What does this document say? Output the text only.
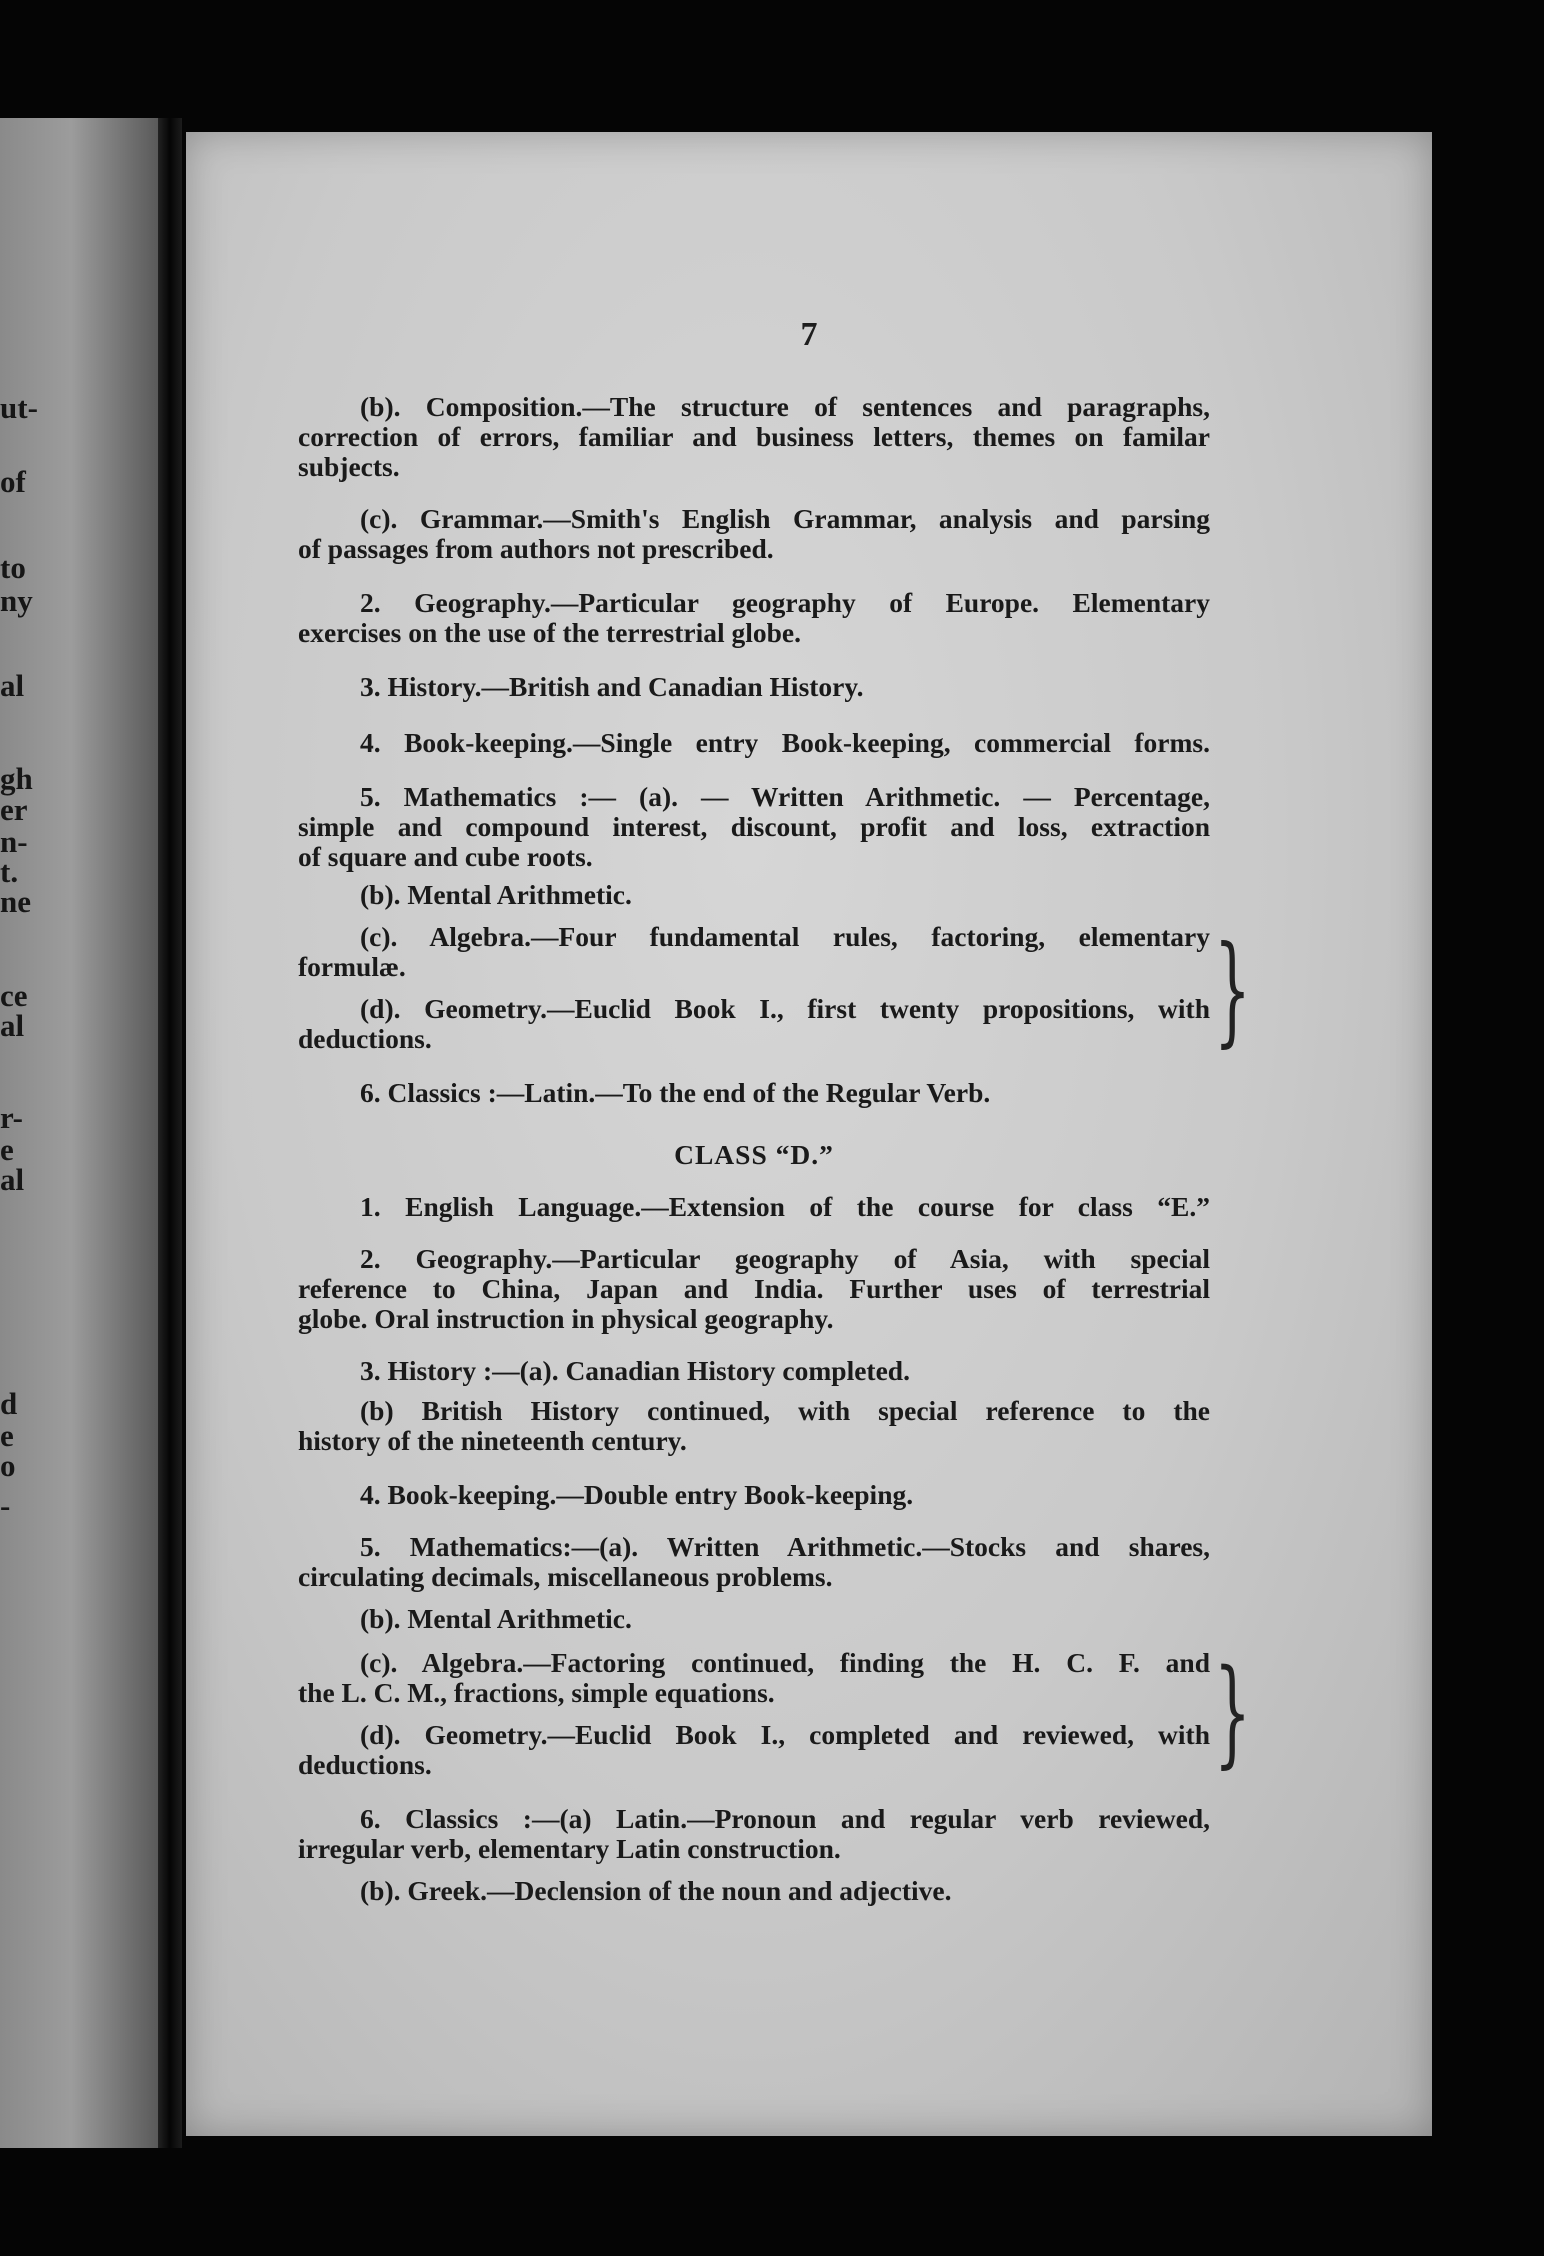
ut-
of
to
ny
al
gh
er
n-
t.
ne
ce
al
r-
e
al
d
e
o
-
7
(b). Composition.—The structure of sentences and paragraphs,
correction of errors, familiar and business letters, themes on familar
subjects.
(c). Grammar.—Smith's English Grammar, analysis and parsing
of passages from authors not prescribed.
2. Geography.—Particular geography of Europe. Elementary
exercises on the use of the terrestrial globe.
3. History.—British and Canadian History.
4. Book-keeping.—Single entry Book-keeping, commercial forms.
5. Mathematics :— (a). — Written Arithmetic. — Percentage,
simple and compound interest, discount, profit and loss, extraction
of square and cube roots.
(b). Mental Arithmetic.
(c). Algebra.—Four fundamental rules, factoring, elementary
formulæ.
(d). Geometry.—Euclid Book I., first twenty propositions, with
deductions.	}
6. Classics :—Latin.—To the end of the Regular Verb.
CLASS “D.”
1. English Language.—Extension of the course for class “E.”
2. Geography.—Particular geography of Asia, with special
reference to China, Japan and India. Further uses of terrestrial
globe. Oral instruction in physical geography.
3. History :—(a). Canadian History completed.
(b) British History continued, with special reference to the
history of the nineteenth century.
4. Book-keeping.—Double entry Book-keeping.
5. Mathematics:—(a). Written Arithmetic.—Stocks and shares,
circulating decimals, miscellaneous problems.
(b). Mental Arithmetic.
(c). Algebra.—Factoring continued, finding the H. C. F. and
the L. C. M., fractions, simple equations.
(d). Geometry.—Euclid Book I., completed and reviewed, with
deductions.	}
6. Classics :—(a) Latin.—Pronoun and regular verb reviewed,
irregular verb, elementary Latin construction.
(b). Greek.—Declension of the noun and adjective.
